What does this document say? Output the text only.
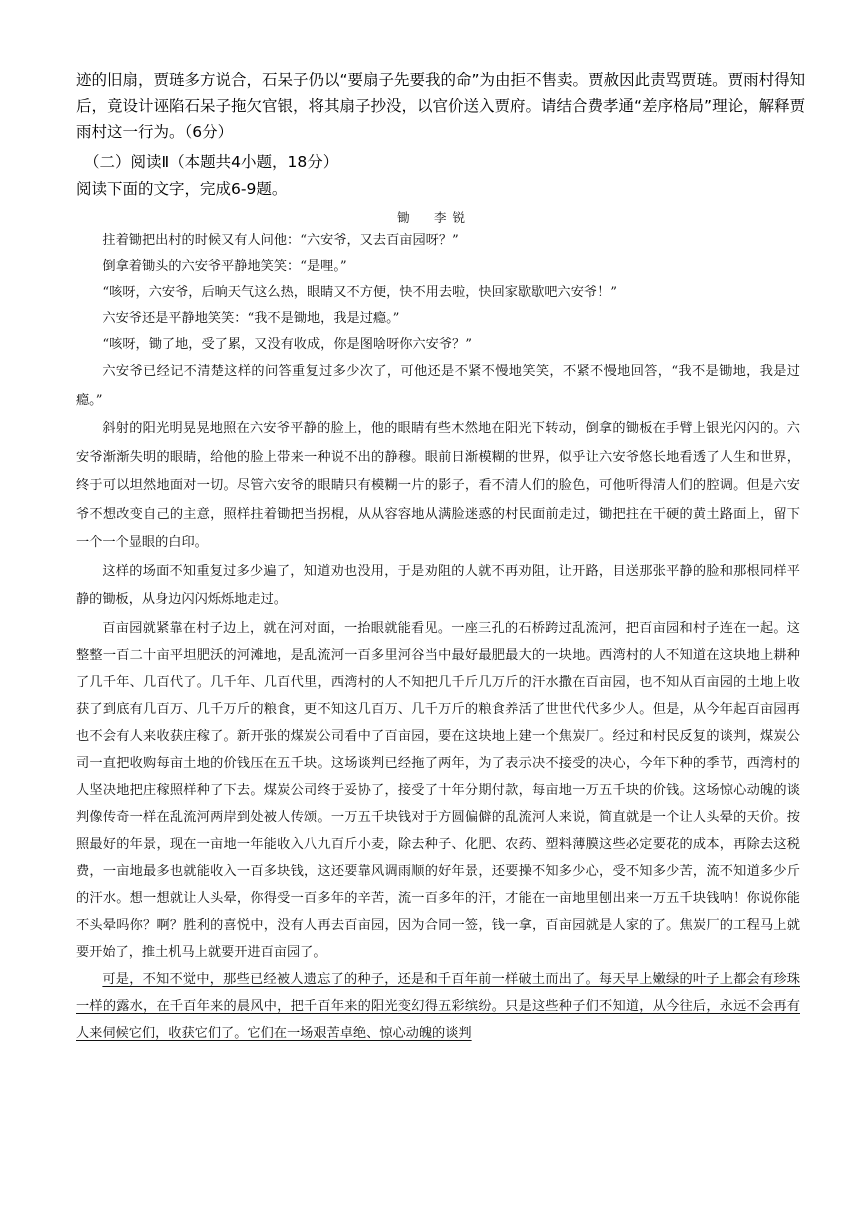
迹的旧扇，贾琏多方说合，石呆子仍以“要扇子先要我的命”为由拒不售卖。贾赦因此责骂贾琏。贾雨村得知后，竟设计诬陷石呆子拖欠官银，将其扇子抄没，以官价送入贾府。请结合费孝通“差序格局”理论，解释贾雨村这一行为。（6分）
（二）阅读Ⅱ（本题共4小题，18分）
阅读下面的文字，完成6-9题。
锄　李锐

拄着锄把出村的时候又有人问他：“六安爷，又去百亩园呀？”

倒拿着锄头的六安爷平静地笑笑：“是哩。”

“咳呀，六安爷，后晌天气这么热，眼睛又不方便，快不用去啦，快回家歇歇吧六安爷！”

六安爷还是平静地笑笑：“我不是锄地，我是过瘾。”

“咳呀，锄了地，受了累，又没有收成，你是图啥呀你六安爷？”

六安爷已经记不清楚这样的问答重复过多少次了，可他还是不紧不慢地笑笑，不紧不慢地回答，“我不是锄地，我是过瘾。”

斜射的阳光明晃晃地照在六安爷平静的脸上，他的眼睛有些木然地在阳光下转动，倒拿的锄板在手臂上银光闪闪的。六安爷渐渐失明的眼睛，给他的脸上带来一种说不出的静穆。眼前日渐模糊的世界，似乎让六安爷悠长地看透了人生和世界，终于可以坦然地面对一切。尽管六安爷的眼睛只有模糊一片的影子，看不清人们的脸色，可他听得清人们的腔调。但是六安爷不想改变自己的主意，照样拄着锄把当拐棍，从从容容地从满脸迷惑的村民面前走过，锄把拄在干硬的黄土路面上，留下一个一个显眼的白印。

这样的场面不知重复过多少遍了，知道劝也没用，于是劝阻的人就不再劝阻，让开路，目送那张平静的脸和那根同样平静的锄板，从身边闪闪烁烁地走过。

百亩园就紧靠在村子边上，就在河对面，一抬眼就能看见。一座三孔的石桥跨过乱流河，把百亩园和村子连在一起。这整整一百二十亩平坦肥沃的河滩地，是乱流河一百多里河谷当中最好最肥最大的一块地。西湾村的人不知道在这块地上耕种了几千年、几百代了。几千年、几百代里，西湾村的人不知把几千斤几万斤的汗水撒在百亩园，也不知从百亩园的土地上收获了到底有几百万、几千万斤的粮食，更不知这几百万、几千万斤的粮食养活了世世代代多少人。但是，从今年起百亩园再也不会有人来收获庄稼了。新开张的煤炭公司看中了百亩园，要在这块地上建一个焦炭厂。经过和村民反复的谈判，煤炭公司一直把收购每亩土地的价钱压在五千块。这场谈判已经拖了两年，为了表示决不接受的决心，今年下种的季节，西湾村的人坚决地把庄稼照样种了下去。煤炭公司终于妥协了，接受了十年分期付款，每亩地一万五千块的价钱。这场惊心动魄的谈判像传奇一样在乱流河两岸到处被人传颂。一万五千块钱对于方圆偏僻的乱流河人来说，简直就是一个让人头晕的天价。按照最好的年景，现在一亩地一年能收入八九百斤小麦，除去种子、化肥、农药、塑料薄膜这些必定要花的成本，再除去这税费，一亩地最多也就能收入一百多块钱，这还要靠风调雨顺的好年景，还要操不知多少心，受不知多少苦，流不知道多少斤的汗水。想一想就让人头晕，你得受一百多年的辛苦，流一百多年的汗，才能在一亩地里刨出来一万五千块钱呐！你说你能不头晕吗你？啊？胜利的喜悦中，没有人再去百亩园，因为合同一签，钱一拿，百亩园就是人家的了。焦炭厂的工程马上就要开始了，推土机马上就要开进百亩园了。

可是，不知不觉中，那些已经被人遗忘了的种子，还是和千百年前一样破土而出了。每天早上嫩绿的叶子上都会有珍珠一样的露水，在千百年来的晨风中，把千百年来的阳光变幻得五彩缤纷。只是这些种子们不知道，从今往后，永远不会再有人来伺候它们，收获它们了。它们在一场艰苦卓绝、惊心动魄的谈判
